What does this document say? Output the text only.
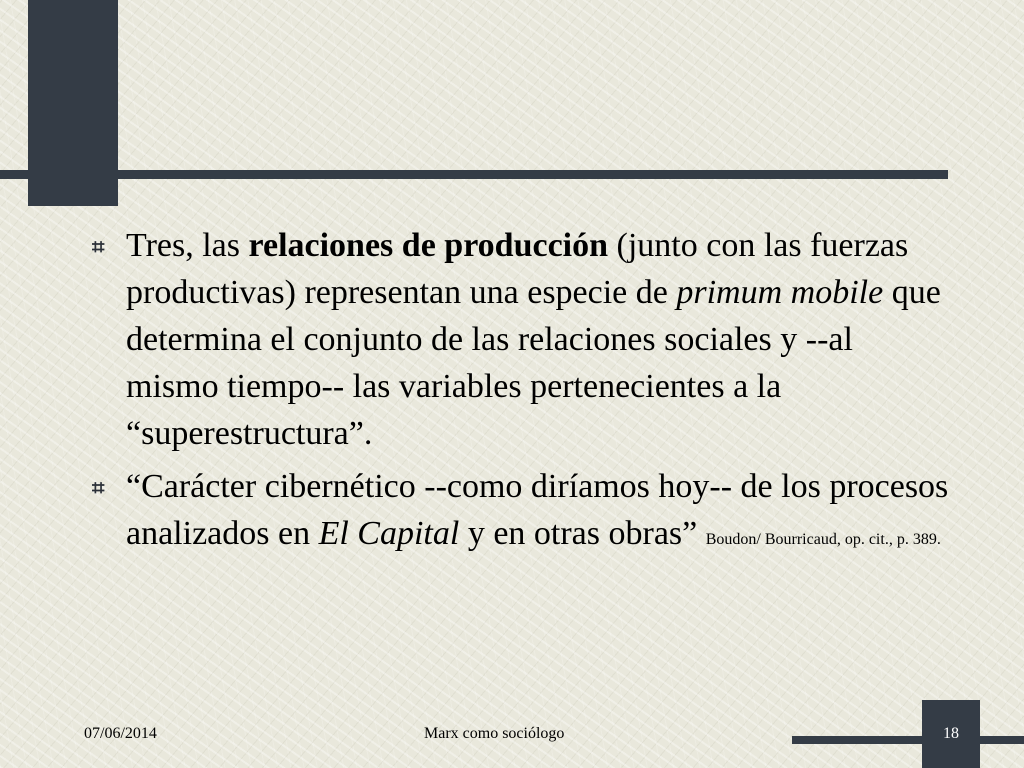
⌗ Tres, las relaciones de producción (junto con las fuerzas productivas) representan una especie de primum mobile que determina el conjunto de las relaciones sociales y --al mismo tiempo-- las variables pertenecientes a la “superestructura”.
⌗ “Carácter cibernético --como diríamos hoy-- de los procesos analizados en El Capital y en otras obras” Boudon/ Bourricaud, op. cit., p. 389.
07/06/2014	Marx como sociólogo	18
